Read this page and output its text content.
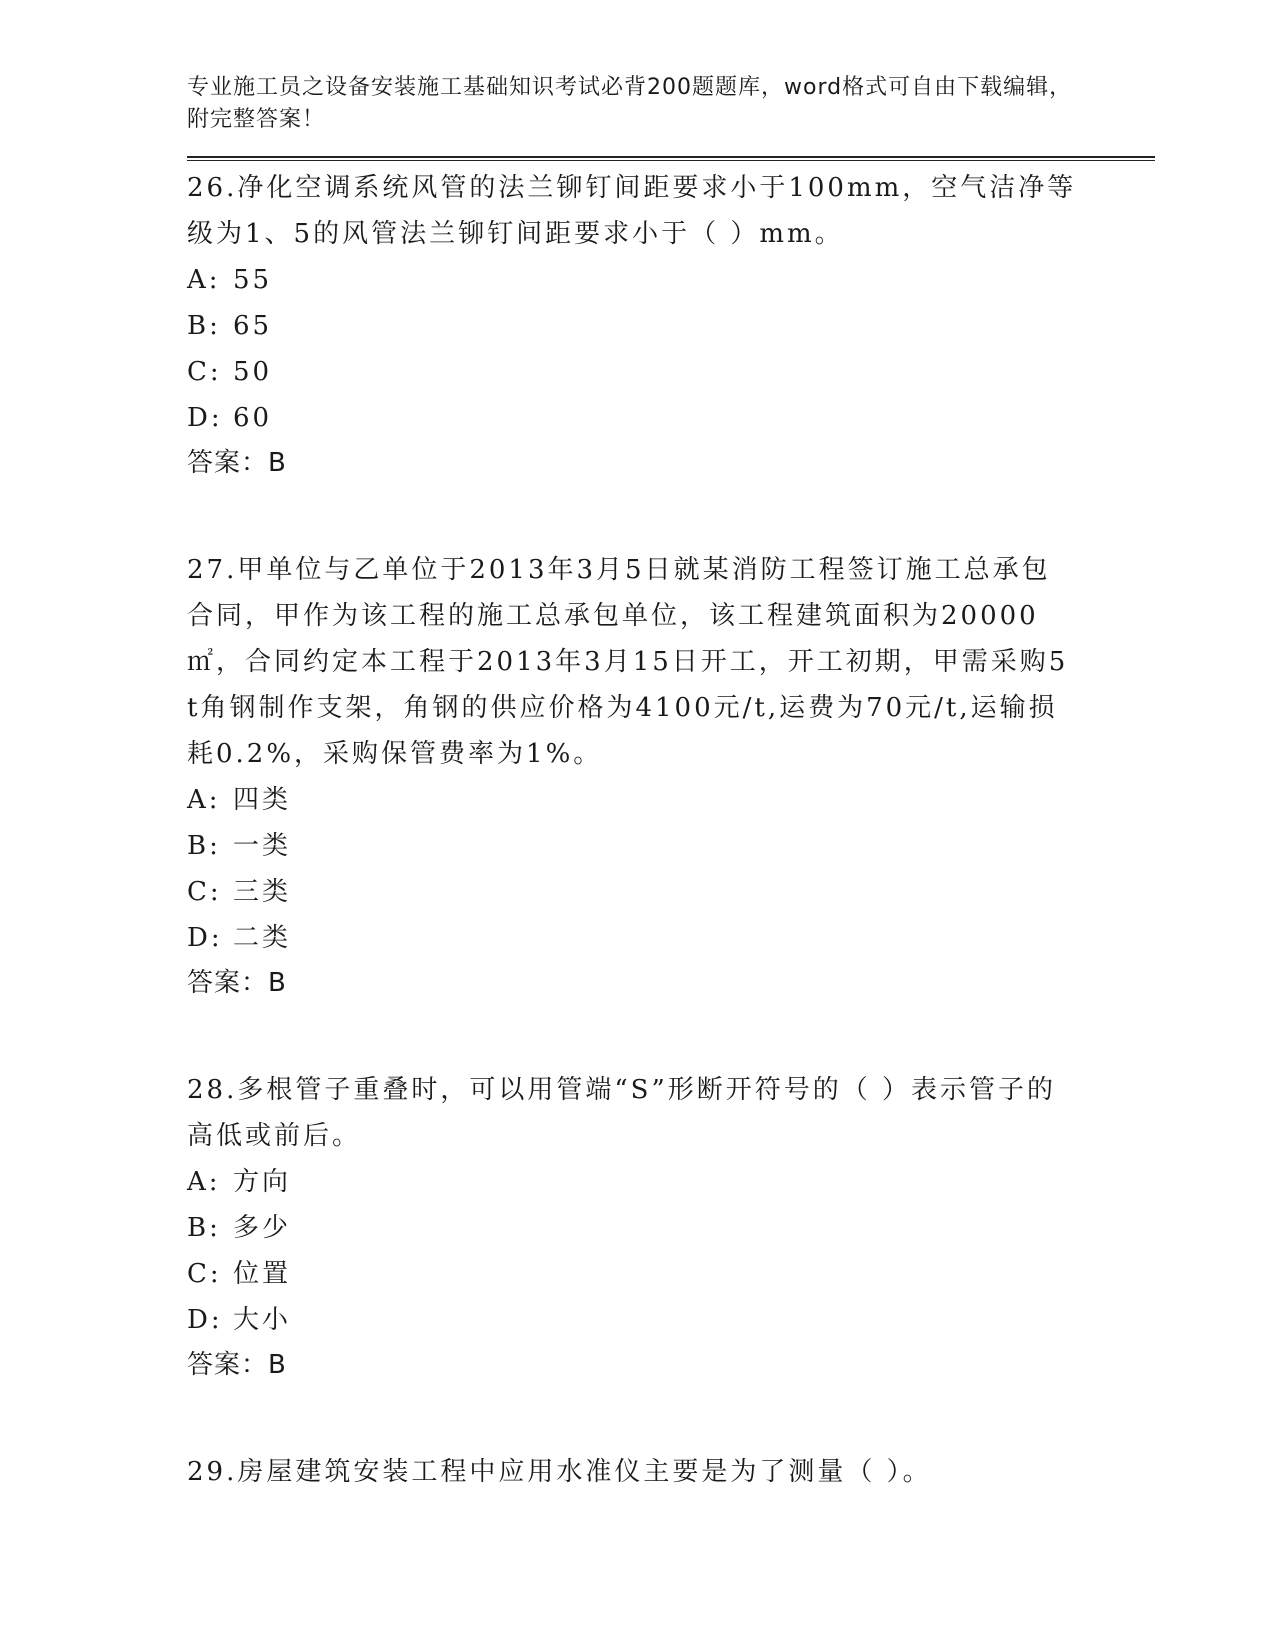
专业施工员之设备安装施工基础知识考试必背200题题库，word格式可自由下载编辑，附完整答案！
26.净化空调系统风管的法兰铆钉间距要求小于100mm，空气洁净等级为1、5的风管法兰铆钉间距要求小于（ ）mm。
A: 55
B: 65
C: 50
D: 60
答案：B
27.甲单位与乙单位于2013年3月5日就某消防工程签订施工总承包合同，甲作为该工程的施工总承包单位，该工程建筑面积为20000㎡，合同约定本工程于2013年3月15日开工，开工初期，甲需采购5t角钢制作支架，角钢的供应价格为4100元/t,运费为70元/t,运输损耗0.2%，采购保管费率为1%。
A: 四类
B: 一类
C: 三类
D: 二类
答案：B
28.多根管子重叠时，可以用管端“S”形断开符号的（ ）表示管子的高低或前后。
A: 方向
B: 多少
C: 位置
D: 大小
答案：B
29.房屋建筑安装工程中应用水准仪主要是为了测量（ ）。
